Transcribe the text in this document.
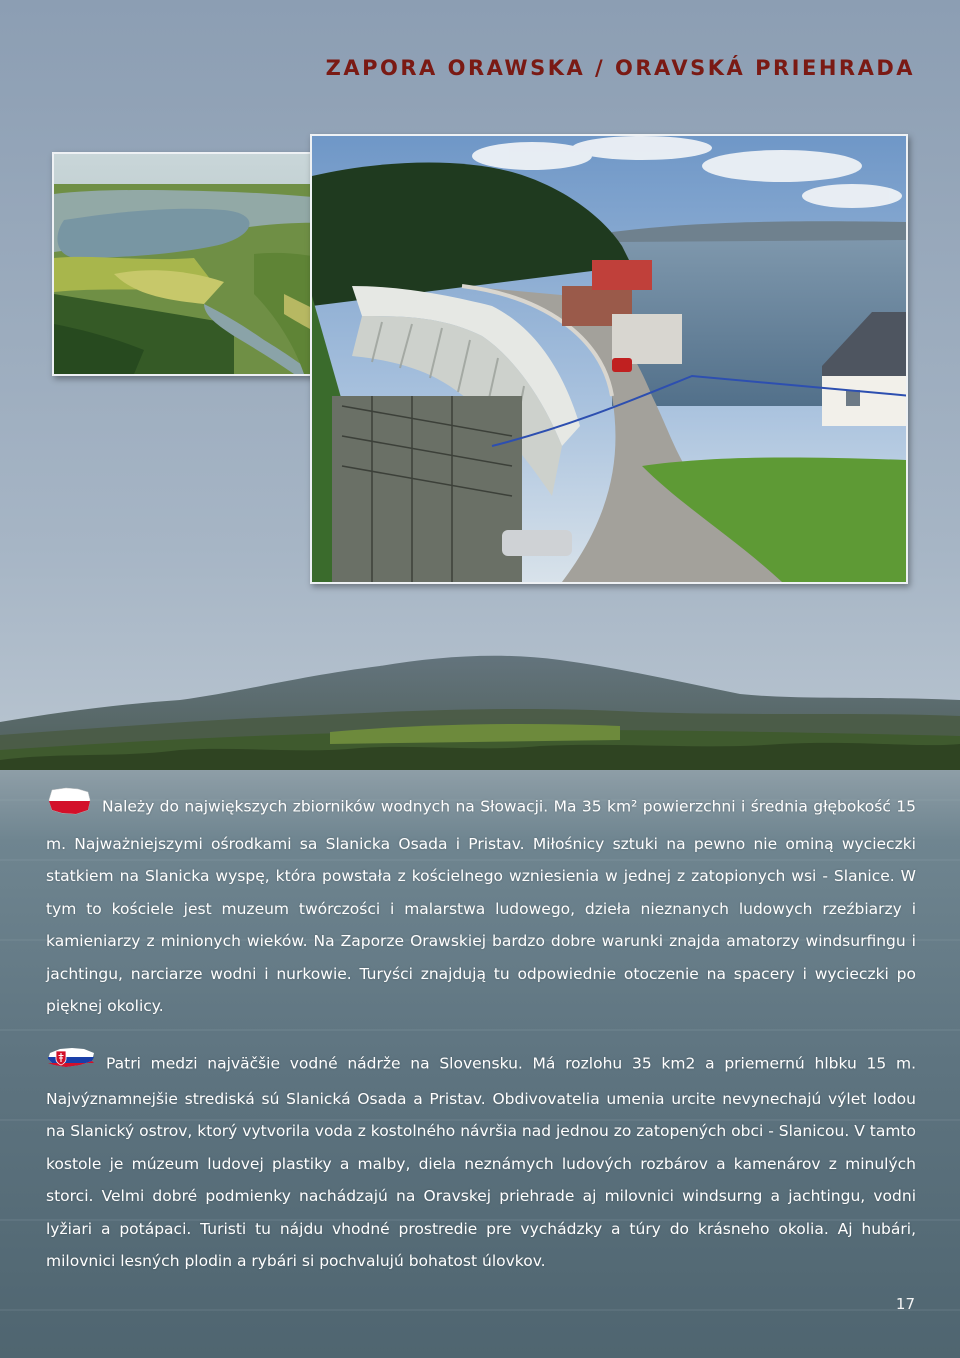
ZAPORA ORAWSKA / ORAVSKÁ PRIEHRADA
Należy do największych zbiorników wodnych na Słowacji. Ma 35 km² powierzchni i średnia głębokość 15 m. Najważniejszymi ośrodkami sa Slanicka Osada i Pristav. Miłośnicy sztuki na pewno nie ominą wycieczki statkiem na Slanicka wyspę, która powstała z kościelnego wzniesienia w jednej z zatopionych wsi - Slanice. W tym to kościele jest muzeum twórczości i malarstwa ludowego, dzieła nieznanych ludowych rzeźbiarzy i kamieniarzy z minionych wieków. Na Zaporze Orawskiej bardzo dobre warunki znajda amatorzy windsurfingu i jachtingu, narciarze wodni i nurkowie. Turyści znajdują tu odpowiednie otoczenie na spacery i wycieczki po pięknej okolicy.
Patri medzi najväčšie vodné nádrže na Slovensku. Má rozlohu 35 km2 a priemernú hlbku 15 m. Najvýznamnejšie strediská sú Slanická Osada a Pristav. Obdivovatelia umenia urcite nevynechajú výlet lodou na Slanický ostrov, ktorý vytvorila voda z kostolného návršia nad jednou zo zatopených obci - Slanicou. V tamto kostole je múzeum ludovej plastiky a malby, diela neznámych ludových rozbárov a kamenárov z minulých storci. Velmi dobré podmienky nachádzajú na Oravskej priehrade aj milovnici windsurng a jachtingu, vodni lyžiari a potápaci. Turisti tu nájdu vhodné prostredie pre vychádzky a túry do krásneho okolia. Aj hubári, milovnici lesných plodin a rybári si pochvalujú bohatost úlovkov.
17
